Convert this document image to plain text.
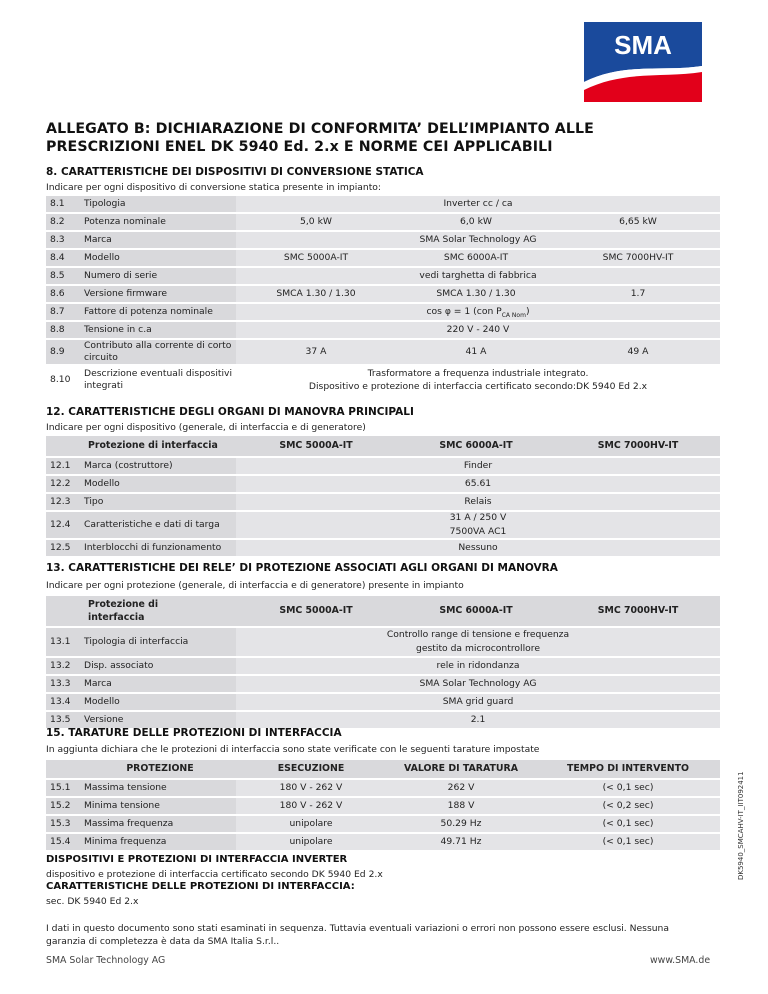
SMA
ALLEGATO B: DICHIARAZIONE DI CONFORMITA’ DELL’IMPIANTO ALLE PRESCRIZIONI ENEL DK 5940 Ed. 2.x E NORME CEI APPLICABILI
8. CARATTERISTICHE DEI DISPOSITIVI DI CONVERSIONE STATICA
Indicare per ogni dispositivo di conversione statica presente in impianto:
8.1 Tipologia	Inverter cc / ca
8.2 Potenza nominale	5,0 kW	6,0 kW	6,65 kW
8.3 Marca	SMA Solar Technology AG
8.4 Modello	SMC 5000A-IT	SMC 6000A-IT	SMC 7000HV-IT
8.5 Numero di serie	vedi targhetta di fabbrica
8.6 Versione firmware	SMCA 1.30 / 1.30	SMCA 1.30 / 1.30	1.7
8.7 Fattore di potenza nominale	cos φ = 1 (con $P_{CA Nom}$)
8.8 Tensione in c.a	220 V - 240 V
8.9
Contributo alla corrente di corto circuito
37 A	41 A	49 A
8.10
Descrizione eventuali dispositivi integrati
Trasformatore a frequenza industriale integrato.
Dispositivo e protezione di interfaccia certificato secondo:DK 5940 Ed 2.x
12. CARATTERISTICHE DEGLI ORGANI DI MANOVRA PRINCIPALI
Indicare per ogni dispositivo (generale, di interfaccia e di generatore)
Protezione di interfaccia	SMC 5000A-IT	SMC 6000A-IT	SMC 7000HV-IT
12.1 Marca (costruttore)	Finder
12.2 Modello	65.61
12.3 Tipo	Relais
12.4 Caratteristiche e dati di targa
31 A / 250 V
7500VA AC1
12.5 Interblocchi di funzionamento	Nessuno
13. CARATTERISTICHE DEI RELE’ DI PROTEZIONE ASSOCIATI AGLI ORGANI DI MANOVRA
Indicare per ogni protezione (generale, di interfaccia e di generatore) presente in impianto
Protezione di
interfaccia
SMC 5000A-IT	SMC 6000A-IT	SMC 7000HV-IT
13.1 Tipologia di interfaccia
Controllo range di tensione e frequenza
gestito da microcontrollore
13.2 Disp. associato	rele in ridondanza
13.3 Marca	SMA Solar Technology AG
13.4 Modello	SMA grid guard
13.5 Versione	2.1
15. TARATURE DELLE PROTEZIONI DI INTERFACCIA
In aggiunta dichiara che le protezioni di interfaccia sono state verificate con le seguenti tarature impostate
PROTEZIONE	ESECUZIONE	VALORE DI TARATURA	TEMPO DI INTERVENTO
15.1 Massima tensione	180 V - 262 V	262 V	(< 0,1 sec)
15.2 Minima tensione	180 V - 262 V	188 V	(< 0,2 sec)
15.3 Massima frequenza	unipolare	50.29 Hz	(< 0,1 sec)
15.4 Minima frequenza	unipolare	49.71 Hz	(< 0,1 sec)
DISPOSITIVI E PROTEZIONI DI INTERFACCIA INVERTER
dispositivo e protezione di interfaccia certificato secondo DK 5940 Ed 2.x
CARATTERISTICHE DELLE PROTEZIONI DI INTERFACCIA:
sec. DK 5940 Ed 2.x
I dati in questo documento sono stati esaminati in sequenza. Tuttavia eventuali variazioni o errori non possono essere esclusi. Nessuna garanzia di completezza è data da SMA Italia S.r.l..
SMA Solar Technology AG	www.SMA.de
DK5940_SMCAHV-IT_IIT092411
